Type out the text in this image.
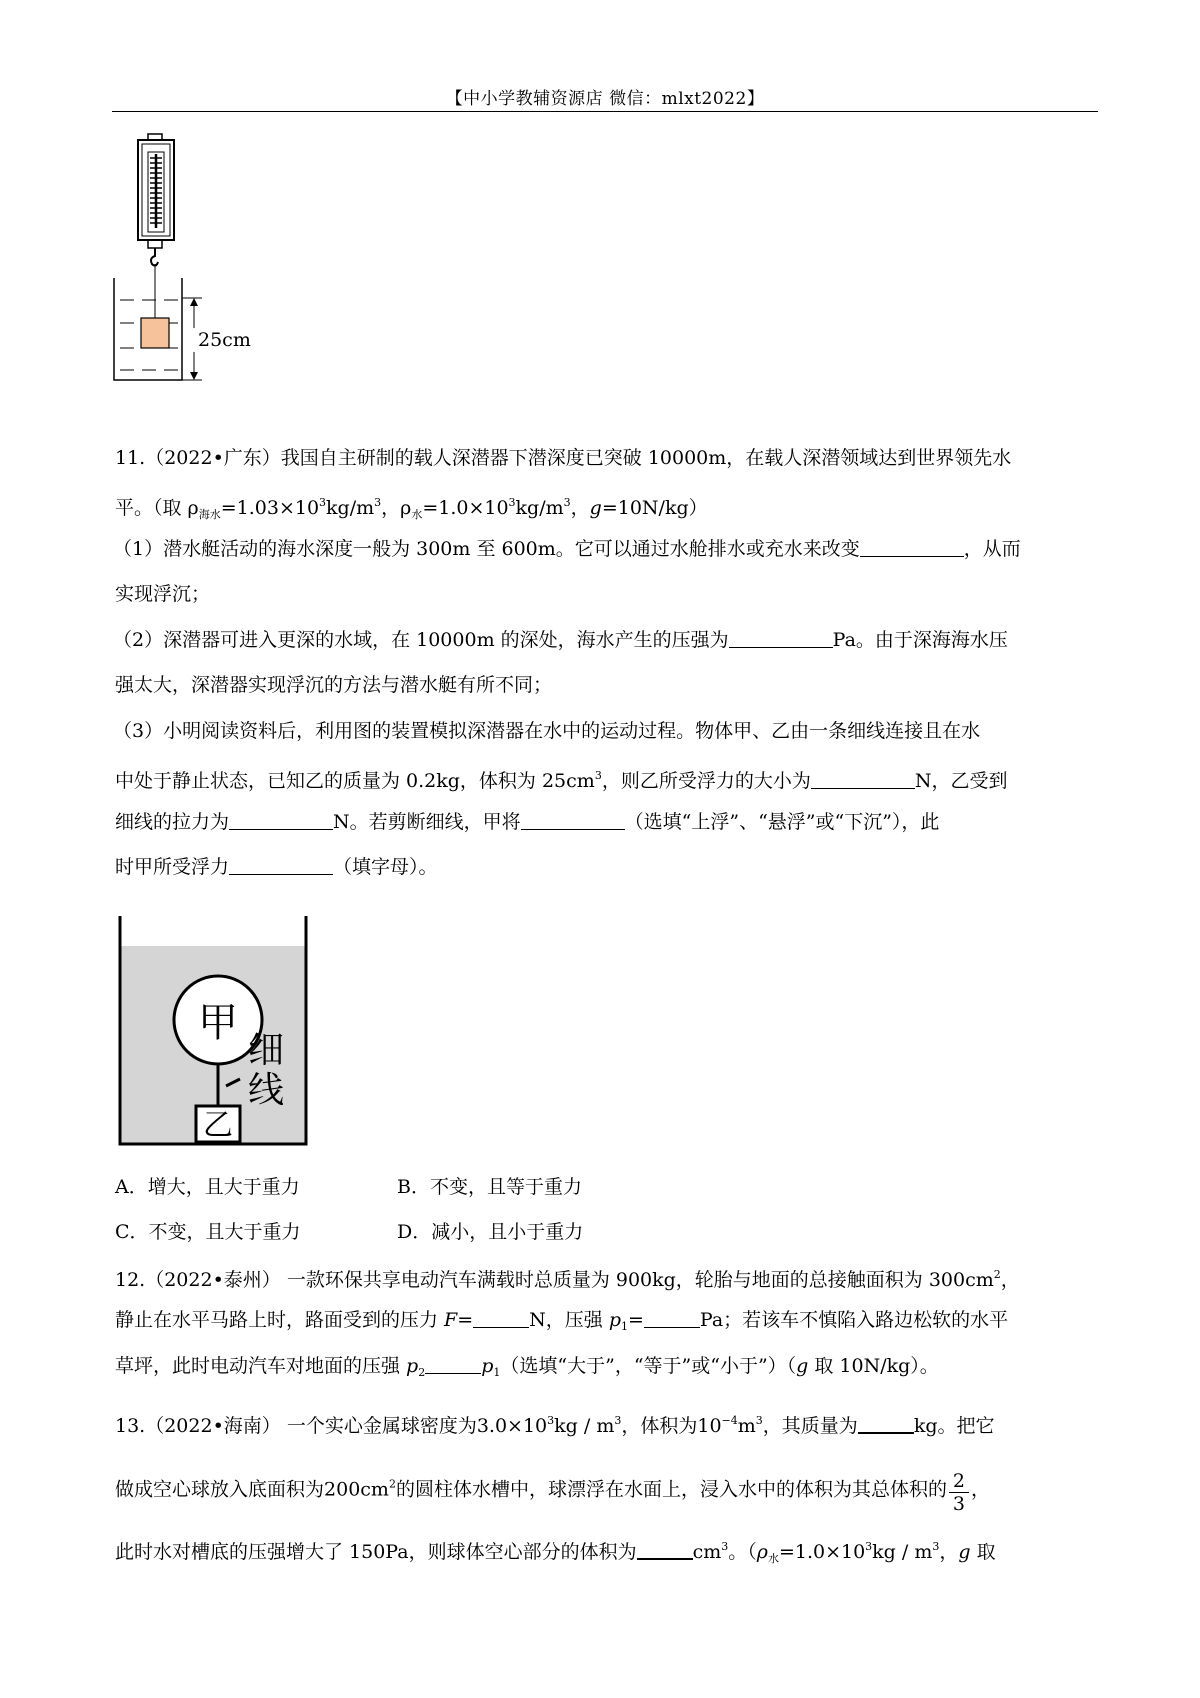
【中小学教辅资源店 微信：mlxt2022】
25cm
11.（2022•广东）我国自主研制的载人深潜器下潜深度已突破 10000m，在载人深潜领域达到世界领先水
平。（取 $\rho_{海水}=1.03\times 10^3kg/m^3$，$\rho_水=1.0\times 10^3kg/m^3$，g=10N/kg）
（1）潜水艇活动的海水深度一般为 300m 至 600m。它可以通过水舱排水或充水来改变	，从而
实现浮沉；
（2）深潜器可进入更深的水域，在 10000m 的深处，海水产生的压强为	Pa。由于深海海水压
强太大，深潜器实现浮沉的方法与潜水艇有所不同；
（3）小明阅读资料后，利用图的装置模拟深潜器在水中的运动过程。物体甲、乙由一条细线连接且在水
中处于静止状态，已知乙的质量为 0.2kg，体积为 $25cm^3$，则乙所受浮力的大小为	N，乙受到
细线的拉力为	N。若剪断细线，甲将	（选填“上浮”、“悬浮”或“下沉”），此
时甲所受浮力	（填字母）。
甲
乙
细
线
A．增大，且大于重力	B．不变，且等于重力
C．不变，且大于重力	D．减小，且小于重力
12.（2022•泰州） 一款环保共享电动汽车满载时总质量为 900kg，轮胎与地面的总接触面积为 $300cm^2$，
静止在水平马路上时，路面受到的压力 F=	N，压强 $p_1=$	Pa；若该车不慎陷入路边松软的水平
草坪，此时电动汽车对地面的压强 $p_2$	$p_1$（选填“大于”，“等于”或“小于”）（g 取 10N/kg）。
13.（2022•海南） 一个实心金属球密度为$3.0\times 10^3kg / m^3$，体积为$10^{-4}m^3$，其质量为	kg。把它
做成空心球放入底面积为$200cm^2$的圆柱体水槽中，球漂浮在水面上，浸入水中的体积为其总体积的 $\frac{2}{3}$ ，
此时水对槽底的压强增大了 150Pa，则球体空心部分的体积为	$cm^3$。（$\rho_水=1.0\times 10^3kg / m^3$，g 取
